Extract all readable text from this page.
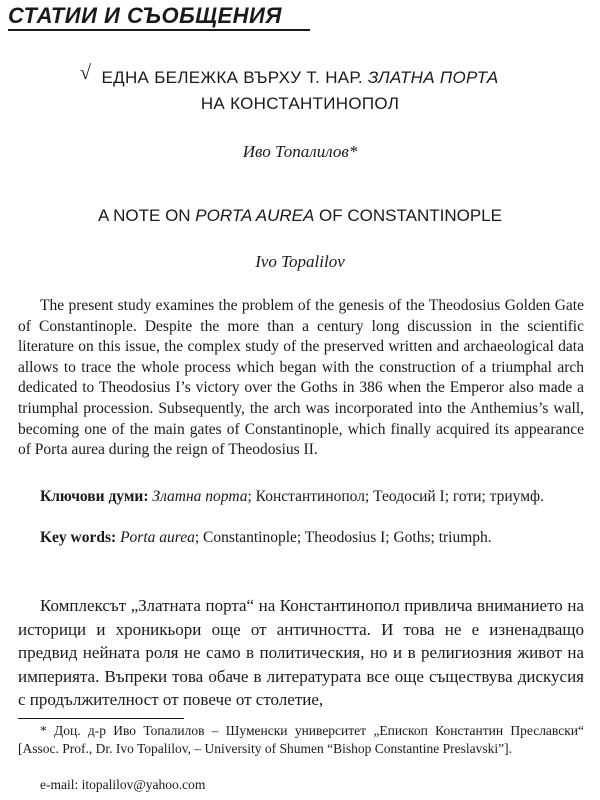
СТАТИИ И СЪОБЩЕНИЯ
√ ЕДНА БЕЛЕЖКА ВЪРХУ Т. НАР. ЗЛАТНА ПОРТА
НА КОНСТАНТИНОПОЛ
Иво Топалилов*
A NOTE ON PORTA AUREA OF CONSTANTINOPLE
Ivo Topalilov

The present study examines the problem of the genesis of the Theodosius Golden Gate of Constantinople. Despite the more than a century long discussion in the scientific literature on this issue, the complex study of the preserved written and archaeological data allows to trace the whole process which began with the construction of a triumphal arch dedicated to Theodosius I’s victory over the Goths in 386 when the Emperor also made a triumphal procession. Subsequently, the arch was incorporated into the Anthemius’s wall, becoming one of the main gates of Constantinople, which finally acquired its appearance of Porta aurea during the reign of Theodosius II.

Ключови думи: Златна порта; Константинопол; Теодосий I; готи; триумф.

Key words: Porta aurea; Constantinople; Theodosius I; Goths; triumph.

Комплексът „Златната порта“ на Константинопол привлича вниманието на историци и хроникьори още от античността. И това не е изненадващо предвид нейната роля не само в политическия, но и в религиозния живот на империята. Въпреки това обаче в литературата все още съществува дискусия с продължителност от повече от столетие,

* Доц. д-р Иво Топалилов – Шуменски университет „Епископ Константин Преславски“ [Assoc. Prof., Dr. Ivo Topalilov, – University of Shumen “Bishop Constantine Preslavski”].

e-mail: itopalilov@yahoo.com
